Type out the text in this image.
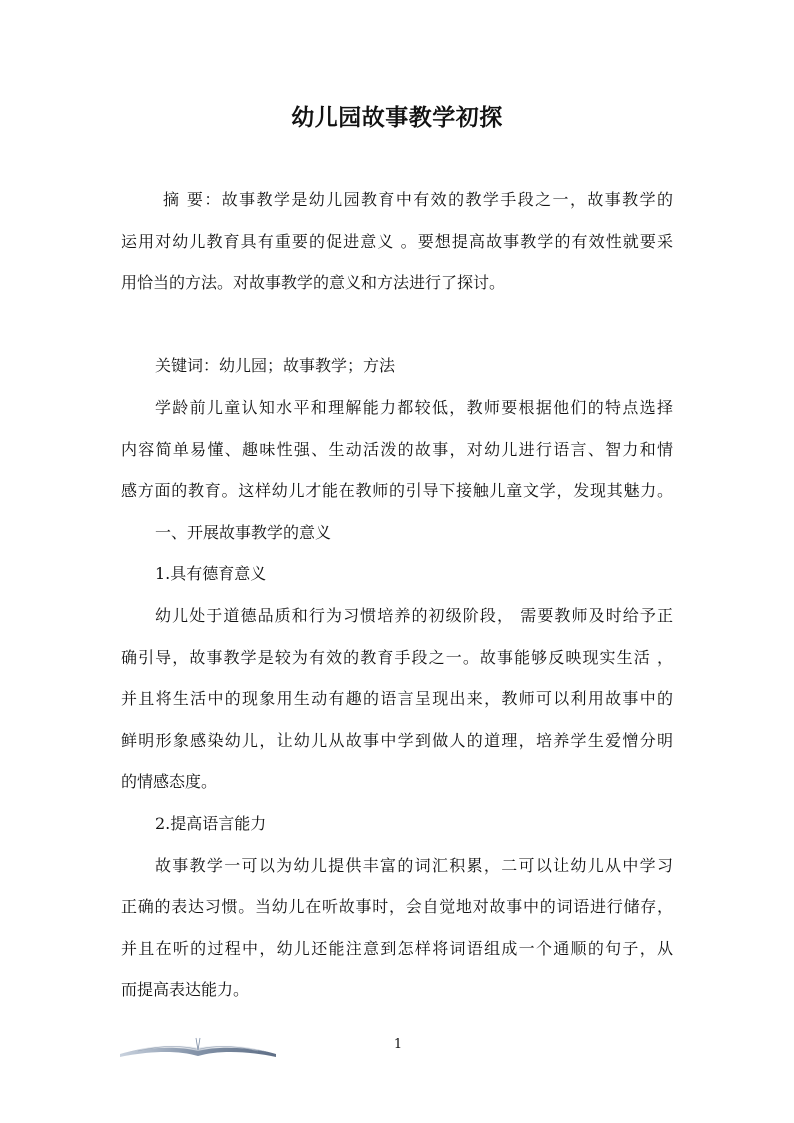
幼儿园故事教学初探
摘 要：故事教学是幼儿园教育中有效的教学手段之一，故事教学的
运用对幼儿教育具有重要的促进意义 。要想提高故事教学的有效性就要采
用恰当的方法。对故事教学的意义和方法进行了探讨。
关键词：幼儿园；故事教学；方法
学龄前儿童认知水平和理解能力都较低，教师要根据他们的特点选择
内容简单易懂、趣味性强、生动活泼的故事，对幼儿进行语言、智力和情
感方面的教育。这样幼儿才能在教师的引导下接触儿童文学，发现其魅力。
一、开展故事教学的意义
1.具有德育意义
幼儿处于道德品质和行为习惯培养的初级阶段， 需要教师及时给予正
确引导，故事教学是较为有效的教育手段之一。故事能够反映现实生活 ，
并且将生活中的现象用生动有趣的语言呈现出来，教师可以利用故事中的
鲜明形象感染幼儿，让幼儿从故事中学到做人的道理，培养学生爱憎分明
的情感态度。
2.提高语言能力
故事教学一可以为幼儿提供丰富的词汇积累，二可以让幼儿从中学习
正确的表达习惯。当幼儿在听故事时，会自觉地对故事中的词语进行储存，
并且在听的过程中，幼儿还能注意到怎样将词语组成一个通顺的句子，从
而提高表达能力。
1
